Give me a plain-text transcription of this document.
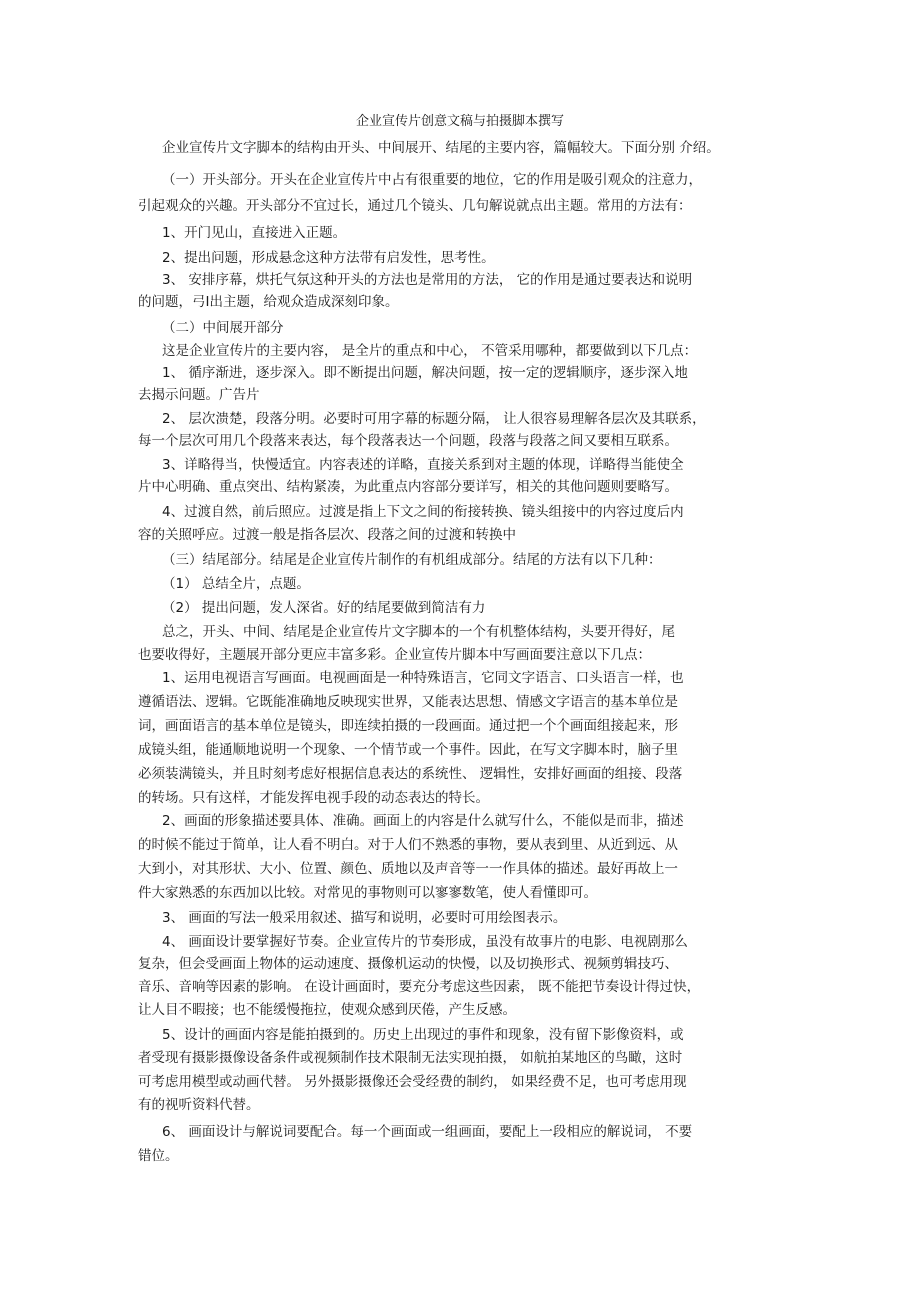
企业宣传片创意文稿与拍摄脚本撰写
企业宣传片文字脚本的结构由开头、中间展开、结尾的主要内容，篇幅较大。下面分别 介绍。
（一）开头部分。开头在企业宣传片中占有很重要的地位，它的作用是吸引观众的注意力，
引起观众的兴趣。开头部分不宜过长，通过几个镜头、几句解说就点出主题。常用的方法有：
1、开门见山，直接进入正题。
2、提出问题，形成悬念这种方法带有启发性，思考性。
3、 安排序幕，烘托气氛这种开头的方法也是常用的方法， 它的作用是通过要表达和说明
的问题，弓I出主题，给观众造成深刻印象。
（二）中间展开部分
这是企业宣传片的主要内容， 是全片的重点和中心， 不管采用哪种，都要做到以下几点：
1、 循序渐进，逐步深入。即不断提出问题，解决问题，按一定的逻辑顺序，逐步深入地
去揭示问题。广告片
2、 层次溃楚，段落分明。必要时可用字幕的标题分隔， 让人很容易理解各层次及其联系，
每一个层次可用几个段落来表达，每个段落表达一个问题，段落与段落之间又要相互联系。
3、详略得当，快慢适宜。内容表述的详略，直接关系到对主题的体现，详略得当能使全
片中心明确、重点突出、结构紧凑，为此重点内容部分要详写，相关的其他问题则要略写。
4、过渡自然，前后照应。过渡是指上下文之间的衔接转换、镜头组接中的内容过度后内
容的关照呼应。过渡一般是指各层次、段落之间的过渡和转换中
（三）结尾部分。结尾是企业宣传片制作的有机组成部分。结尾的方法有以下几种：
（1） 总结全片，点题。
（2） 提出问题，发人深省。好的结尾要做到简洁有力
总之，开头、中间、结尾是企业宣传片文字脚本的一个有机整体结构，头要开得好，尾
也要收得好，主题展开部分更应丰富多彩。企业宣传片脚本中写画面要注意以下几点：
1、运用电视语言写画面。电视画面是一种特殊语言，它同文字语言、口头语言一样，也
遵循语法、逻辑。它既能准确地反映现实世界，又能表达思想、情感文字语言的基本单位是
词，画面语言的基本单位是镜头，即连续拍摄的一段画面。通过把一个个画面组接起来，形
成镜头组，能通顺地说明一个现象、一个情节或一个事件。因此，在写文字脚本时，脑子里
必须装满镜头，并且时刻考虑好根据信息表达的系统性、 逻辑性，安排好画面的组接、段落
的转场。只有这样，才能发挥电视手段的动态表达的特长。
2、画面的形象描述要具体、准确。画面上的内容是什么就写什么，不能似是而非，描述
的时候不能过于简单，让人看不明白。对于人们不熟悉的事物，要从表到里、从近到远、从
大到小，对其形状、大小、位置、颜色、质地以及声音等一一作具体的描述。最好再故上一
件大家熟悉的东西加以比较。对常见的事物则可以寥寥数笔，使人看懂即可。
3、 画面的写法一般采用叙述、描写和说明，必要时可用绘图表示。
4、 画面设计要掌握好节奏。企业宣传片的节奏形成，虽没有故事片的电影、电视剧那么
复杂，但会受画面上物体的运动速度、摄像机运动的快慢，以及切换形式、视频剪辑技巧、
音乐、音响等因素的影响。 在设计画面时，要充分考虑这些因素， 既不能把节奏设计得过快，
让人目不暇接；也不能缓慢拖拉，使观众感到厌倦，产生反感。
5、设计的画面内容是能拍摄到的。历史上出现过的事件和现象，没有留下影像资料，或
者受现有摄影摄像设备条件或视频制作技术限制无法实现拍摄， 如航拍某地区的鸟瞰，这时
可考虑用模型或动画代替。 另外摄影摄像还会受经费的制约， 如果经费不足，也可考虑用现
有的视听资料代替。
6、 画面设计与解说词要配合。每一个画面或一组画面，要配上一段相应的解说词， 不要
错位。
